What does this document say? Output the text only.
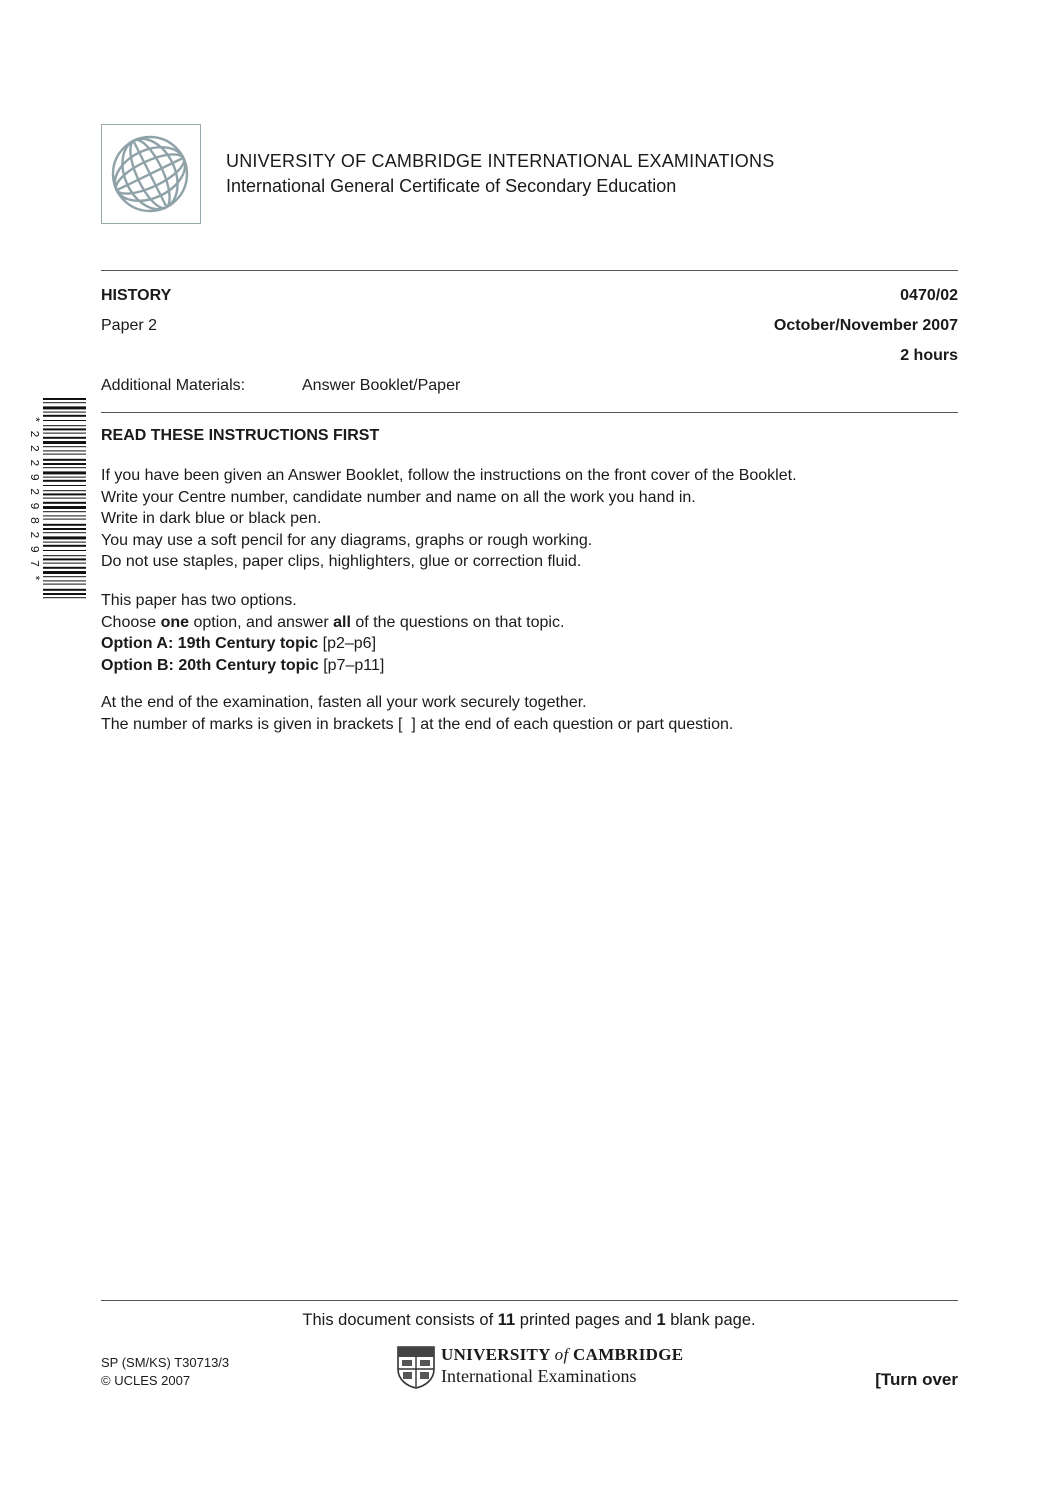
UNIVERSITY OF CAMBRIDGE INTERNATIONAL EXAMINATIONS
International General Certificate of Secondary Education
HISTORY	0470/02
Paper 2	October/November 2007
2 hours
Additional Materials:	Answer Booklet/Paper
* 2 2 2 9 2 9 8 2 9 7 *	READ THESE INSTRUCTIONS FIRST
If you have been given an Answer Booklet, follow the instructions on the front cover of the Booklet.
Write your Centre number, candidate number and name on all the work you hand in.
Write in dark blue or black pen.
You may use a soft pencil for any diagrams, graphs or rough working.
Do not use staples, paper clips, highlighters, glue or correction fluid.
This paper has two options.
Choose one option, and answer all of the questions on that topic.
Option A: 19th Century topic [p2–p6]
Option B: 20th Century topic [p7–p11]
At the end of the examination, fasten all your work securely together.
The number of marks is given in brackets [  ] at the end of each question or part question.
This document consists of 11 printed pages and 1 blank page.
SP (SM/KS) T30713/3
© UCLES 2007
UNIVERSITY of CAMBRIDGE
International Examinations	[Turn over
